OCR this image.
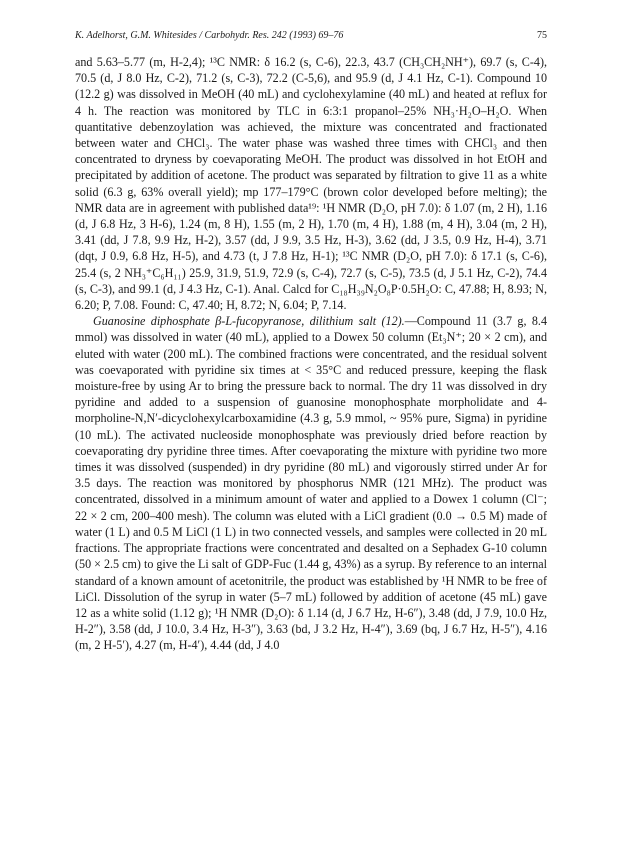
K. Adelhorst, G.M. Whitesides / Carbohydr. Res. 242 (1993) 69–76	75

and 5.63–5.77 (m, H-2,4); ¹³C NMR: δ 16.2 (s, C-6), 22.3, 43.7 (CH₃CH₂NH⁺), 69.7 (s, C-4), 70.5 (d, J 8.0 Hz, C-2), 71.2 (s, C-3), 72.2 (C-5,6), and 95.9 (d, J 4.1 Hz, C-1). Compound 10 (12.2 g) was dissolved in MeOH (40 mL) and cyclohexylamine (40 mL) and heated at reflux for 4 h. The reaction was monitored by TLC in 6:3:1 propanol–25% NH₃·H₂O–H₂O. When quantitative debenzoylation was achieved, the mixture was concentrated and fractionated between water and CHCl₃. The water phase was washed three times with CHCl₃ and then concentrated to dryness by coevaporating MeOH. The product was dissolved in hot EtOH and precipitated by addition of acetone. The product was separated by filtration to give 11 as a white solid (6.3 g, 63% overall yield); mp 177–179°C (brown color developed before melting); the NMR data are in agreement with published data¹⁹: ¹H NMR (D₂O, pH 7.0): δ 1.07 (m, 2 H), 1.16 (d, J 6.8 Hz, 3 H-6), 1.24 (m, 8 H), 1.55 (m, 2 H), 1.70 (m, 4 H), 1.88 (m, 4 H), 3.04 (m, 2 H), 3.41 (dd, J 7.8, 9.9 Hz, H-2), 3.57 (dd, J 9.9, 3.5 Hz, H-3), 3.62 (dd, J 3.5, 0.9 Hz, H-4), 3.71 (dqt, J 0.9, 6.8 Hz, H-5), and 4.73 (t, J 7.8 Hz, H-1); ¹³C NMR (D₂O, pH 7.0): δ 17.1 (s, C-6), 25.4 (s, 2 NH₃⁺C₆H₁₁) 25.9, 31.9, 51.9, 72.9 (s, C-4), 72.7 (s, C-5), 73.5 (d, J 5.1 Hz, C-2), 74.4 (s, C-3), and 99.1 (d, J 4.3 Hz, C-1). Anal. Calcd for C₁₈H₃₉N₂O₈P·0.5H₂O: C, 47.88; H, 8.93; N, 6.20; P, 7.08. Found: C, 47.40; H, 8.72; N, 6.04; P, 7.14.

Guanosine diphosphate β-L-fucopyranose, dilithium salt (12).—Compound 11 (3.7 g, 8.4 mmol) was dissolved in water (40 mL), applied to a Dowex 50 column (Et₃N⁺; 20 × 2 cm), and eluted with water (200 mL). The combined fractions were concentrated, and the residual solvent was coevaporated with pyridine six times at < 35°C and reduced pressure, keeping the flask moisture-free by using Ar to bring the pressure back to normal. The dry 11 was dissolved in dry pyridine and added to a suspension of guanosine monophosphate morpholidate and 4-morpholine-N,N′-dicyclohexylcarboxamidine (4.3 g, 5.9 mmol, ~ 95% pure, Sigma) in pyridine (10 mL). The activated nucleoside monophosphate was previously dried before reaction by coevaporating dry pyridine three times. After coevaporating the mixture with pyridine two more times it was dissolved (suspended) in dry pyridine (80 mL) and vigorously stirred under Ar for 3.5 days. The reaction was monitored by phosphorus NMR (121 MHz). The product was concentrated, dissolved in a minimum amount of water and applied to a Dowex 1 column (Cl⁻; 22 × 2 cm, 200–400 mesh). The column was eluted with a LiCl gradient (0.0 → 0.5 M) made of water (1 L) and 0.5 M LiCl (1 L) in two connected vessels, and samples were collected in 20 mL fractions. The appropriate fractions were concentrated and desalted on a Sephadex G-10 column (50 × 2.5 cm) to give the Li salt of GDP-Fuc (1.44 g, 43%) as a syrup. By reference to an internal standard of a known amount of acetonitrile, the product was established by ¹H NMR to be free of LiCl. Dissolution of the syrup in water (5–7 mL) followed by addition of acetone (45 mL) gave 12 as a white solid (1.12 g); ¹H NMR (D₂O): δ 1.14 (d, J 6.7 Hz, H-6″), 3.48 (dd, J 7.9, 10.0 Hz, H-2″), 3.58 (dd, J 10.0, 3.4 Hz, H-3″), 3.63 (bd, J 3.2 Hz, H-4″), 3.69 (bq, J 6.7 Hz, H-5″), 4.16 (m, 2 H-5′), 4.27 (m, H-4′), 4.44 (dd, J 4.0
